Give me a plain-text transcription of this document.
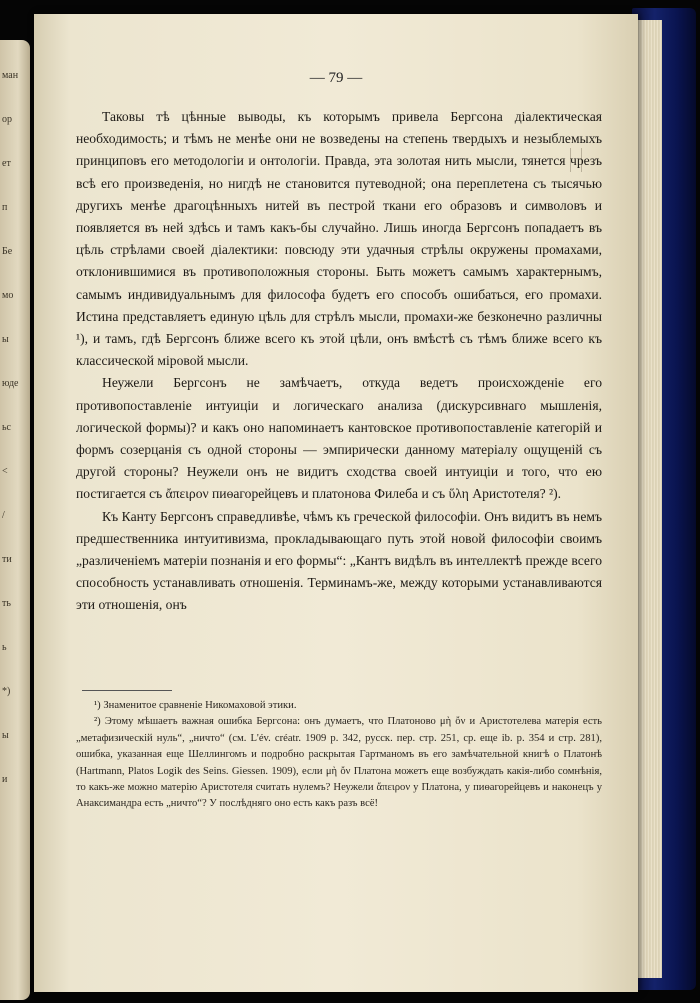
ман
ор
ет
п
Бе
мо
ы
юде
ьс
<
/
ти
ть
ь
*)
ы
и
— 79 —

Таковы тѣ цѣнные выводы, къ которымъ привела Бергсона діалектическая необходимость; и тѣмъ не менѣе они не возведены на степень твердыхъ и незыблемыхъ принциповъ его методологіи и онтологіи. Правда, эта золотая нить мысли, тянется чрезъ всѣ его произведенія, но нигдѣ не становится путеводной; она переплетена съ тысячью другихъ менѣе драгоцѣнныхъ нитей въ пестрой ткани его образовъ и символовъ и появляется въ ней здѣсь и тамъ какъ-бы случайно. Лишь иногда Бергсонъ попадаетъ въ цѣль стрѣлами своей діалектики: повсюду эти удачныя стрѣлы окружены промахами, отклонившимися въ противоположныя стороны. Быть можетъ самымъ характернымъ, самымъ индивидуальнымъ для философа будетъ его способъ ошибаться, его промахи. Истина представляетъ единую цѣль для стрѣлъ мысли, промахи-же безконечно различны ¹), и тамъ, гдѣ Бергсонъ ближе всего къ этой цѣли, онъ вмѣстѣ съ тѣмъ ближе всего къ классической міровой мысли.

Неужели Бергсонъ не замѣчаетъ, откуда ведетъ происхожденіе его противопоставленіе интуиціи и логическаго анализа (дискурсивнаго мышленія, логической формы)? и какъ оно напоминаетъ кантовское противопоставленіе категорій и формъ созерцанія съ одной стороны — эмпирически данному матеріалу ощущеній съ другой стороны? Неужели онъ не видитъ сходства своей интуиціи и того, что ею постигается съ ἄπειρον пиѳагорейцевъ и платоновa Филеба и съ ὕλη Аристотеля? ²).

Къ Канту Бергсонъ справедливѣе, чѣмъ къ греческой философіи. Онъ видитъ въ немъ предшественника интуитивизма, прокладывающаго путь этой новой философіи своимъ „различеніемъ матеріи познанія и его формы“: „Кантъ видѣлъ въ интеллектѣ прежде всего способность устанавливать отношенія. Терминамъ-же, между которыми устанавливаются эти отношенія, онъ

¹) Знаменитое сравненіе Никомаховой этики.

²) Этому мѣшаетъ важная ошибка Бергсона: онъ думаетъ, что Платоново μὴ ὄν и Аристотелева матерія есть „метафизическій нуль“, „ничто“ (см. L'év. créatr. 1909 p. 342, русск. пер. стр. 251, ср. еще ib. p. 354 и стр. 281), ошибка, указанная еще Шеллингомъ и подробно раскрытая Гартманомъ въ его замѣчательной книгѣ о Платонѣ (Hartmann, Platos Logik des Seins. Giessen. 1909), если μὴ ὄν Платона можетъ еще возбуждать какія-либо сомнѣнія, то какъ-же можно матерію Аристотеля считать нулемъ? Неужели ἄπειρον у Платона, у пиѳагорейцевъ и наконецъ у Анаксимандра есть „ничто“? У послѣдняго оно есть какъ разъ всё!
